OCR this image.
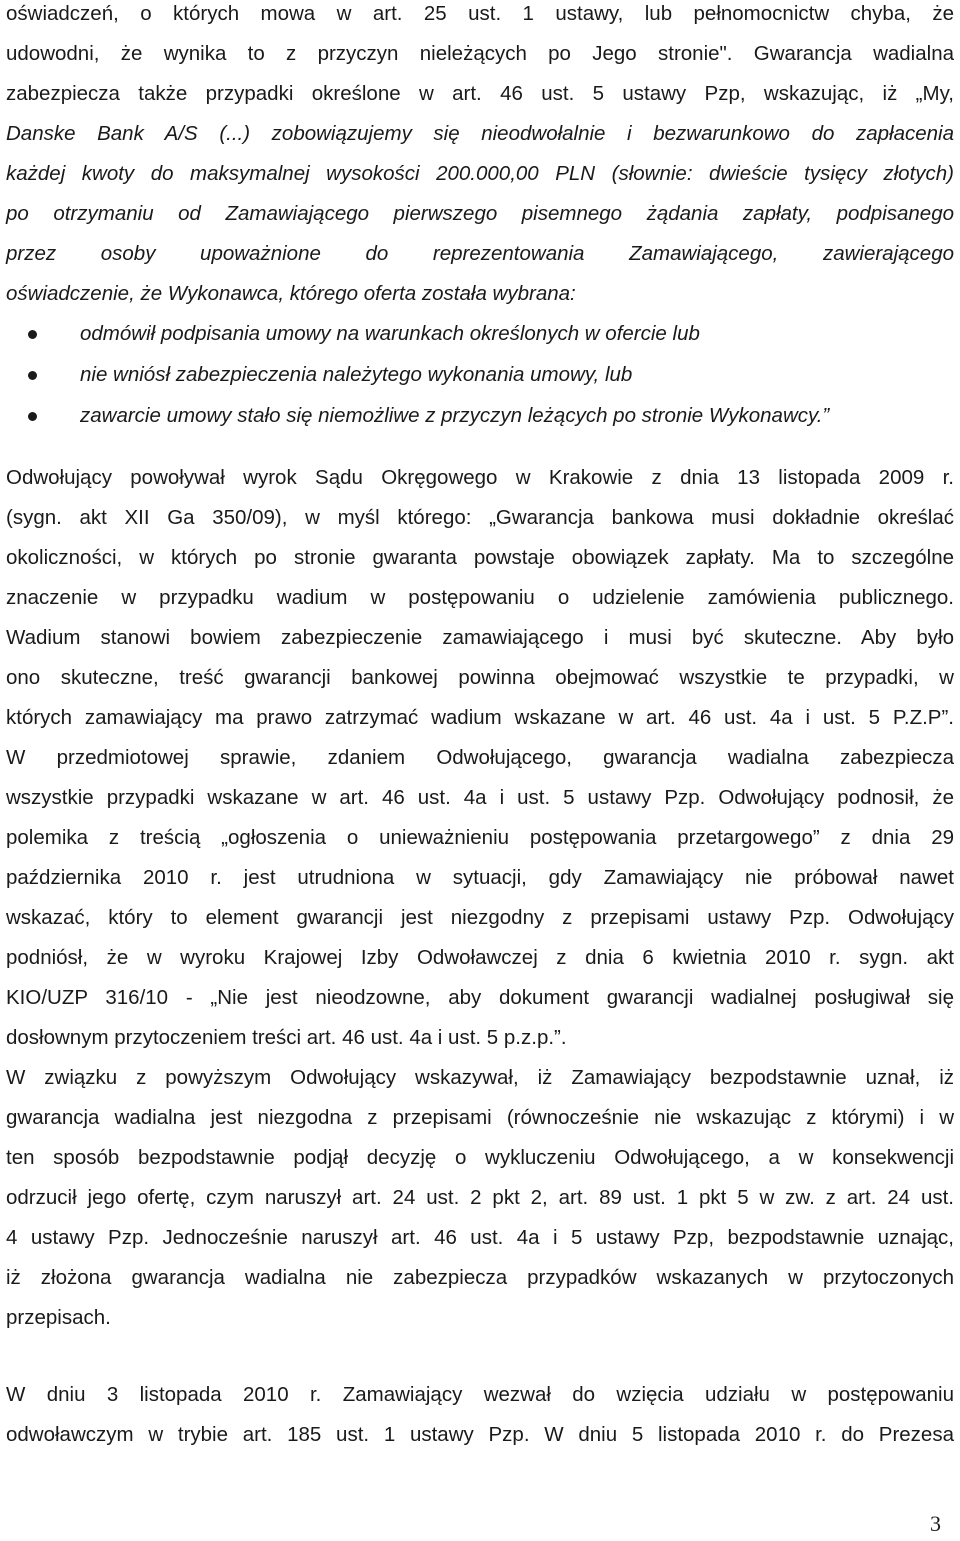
oświadczeń, o których mowa w art. 25 ust. 1 ustawy, lub pełnomocnictw chyba, że
udowodni, że wynika to z przyczyn nieleżących po Jego stronie". Gwarancja wadialna
zabezpiecza także przypadki określone w art. 46 ust. 5 ustawy Pzp, wskazując, iż „My,
Danske Bank A/S (...) zobowiązujemy się nieodwołalnie i bezwarunkowo do zapłacenia
każdej kwoty do maksymalnej wysokości 200.000,00 PLN (słownie: dwieście tysięcy złotych)
po otrzymaniu od Zamawiającego pierwszego pisemnego żądania zapłaty, podpisanego
przez osoby upoważnione do reprezentowania Zamawiającego, zawierającego
oświadczenie, że Wykonawca, którego oferta została wybrana:
odmówił podpisania umowy na warunkach określonych w ofercie lub
nie wniósł zabezpieczenia należytego wykonania umowy, lub
zawarcie umowy stało się niemożliwe z przyczyn leżących po stronie Wykonawcy.”
Odwołujący powoływał wyrok Sądu Okręgowego w Krakowie z dnia 13 listopada 2009 r.
(sygn. akt XII Ga 350/09), w myśl którego: „Gwarancja bankowa musi dokładnie określać
okoliczności, w których po stronie gwaranta powstaje obowiązek zapłaty. Ma to szczególne
znaczenie w przypadku wadium w postępowaniu o udzielenie zamówienia publicznego.
Wadium stanowi bowiem zabezpieczenie zamawiającego i musi być skuteczne. Aby było
ono skuteczne, treść gwarancji bankowej powinna obejmować wszystkie te przypadki, w
których zamawiający ma prawo zatrzymać wadium wskazane w art. 46 ust. 4a i ust. 5 P.Z.P”.
W przedmiotowej sprawie, zdaniem Odwołującego, gwarancja wadialna zabezpiecza
wszystkie przypadki wskazane w art. 46 ust. 4a i ust. 5 ustawy Pzp. Odwołujący podnosił, że
polemika z treścią „ogłoszenia o unieważnieniu postępowania przetargowego” z dnia 29
października 2010 r. jest utrudniona w sytuacji, gdy Zamawiający nie próbował nawet
wskazać, który to element gwarancji jest niezgodny z przepisami ustawy Pzp. Odwołujący
podniósł, że w wyroku Krajowej Izby Odwoławczej z dnia 6 kwietnia 2010 r. sygn. akt
KIO/UZP 316/10 - „Nie jest nieodzowne, aby dokument gwarancji wadialnej posługiwał się
dosłownym przytoczeniem treści art. 46 ust. 4a i ust. 5 p.z.p.”.
W związku z powyższym Odwołujący wskazywał, iż Zamawiający bezpodstawnie uznał, iż
gwarancja wadialna jest niezgodna z przepisami (równocześnie nie wskazując z którymi) i w
ten sposób bezpodstawnie podjął decyzję o wykluczeniu Odwołującego, a w konsekwencji
odrzucił jego ofertę, czym naruszył art. 24 ust. 2 pkt 2, art. 89 ust. 1 pkt 5 w zw. z art. 24 ust.
4 ustawy Pzp. Jednocześnie naruszył art. 46 ust. 4a i 5 ustawy Pzp, bezpodstawnie uznając,
iż złożona gwarancja wadialna nie zabezpiecza przypadków wskazanych w przytoczonych
przepisach.
W dniu 3 listopada 2010 r. Zamawiający wezwał do wzięcia udziału w postępowaniu
odwoławczym w trybie art. 185 ust. 1 ustawy Pzp. W dniu 5 listopada 2010 r. do Prezesa
3
